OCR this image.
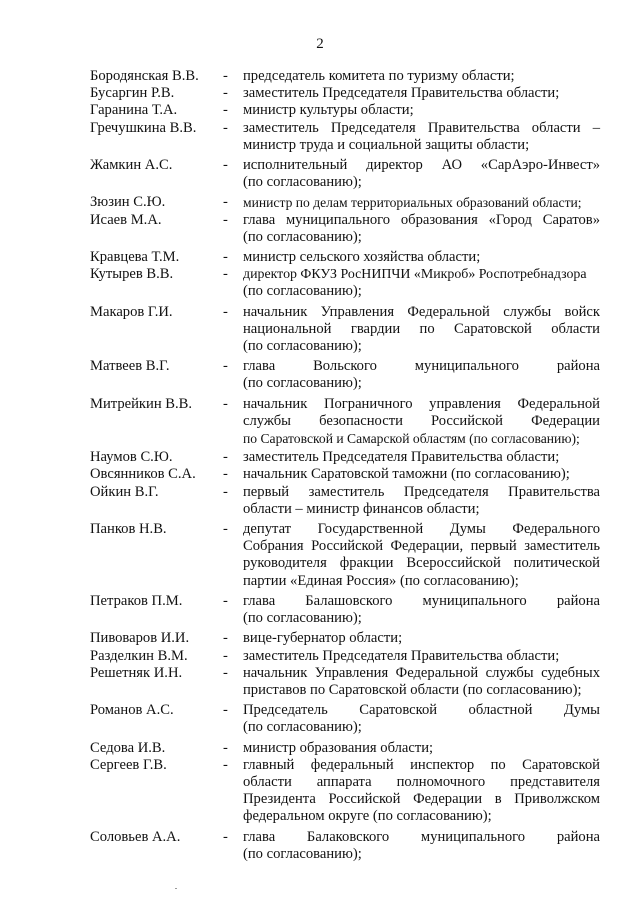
2
Бородянская В.В.	-	председатель комитета по туризму области;
Бусаргин Р.В.	-	заместитель Председателя Правительства области;
Гаранина Т.А.	-	министр культуры области;
Гречушкина В.В.	-	заместитель Председателя Правительства области –
министр труда и социальной защиты области;
Жамкин А.С.	-	исполнительный директор АО «СарАэро-Инвест»
(по согласованию);
Зюзин С.Ю.	-	министр по делам территориальных образований области;
Исаев М.А.	-	глава муниципального образования «Город Саратов»
(по согласованию);
Кравцева Т.М.	-	министр сельского хозяйства области;
Кутырев В.В.	-	директор ФКУЗ РосНИПЧИ «Микроб» Роспотребнадзора
(по согласованию);
Макаров Г.И.	-	начальник Управления Федеральной службы войск
национальной гвардии по Саратовской области
(по согласованию);
Матвеев В.Г.	-	глава Вольского муниципального района
(по согласованию);
Митрейкин В.В.	-	начальник Пограничного управления Федеральной
службы безопасности Российской Федерации
по Саратовской и Самарской областям (по согласованию);
Наумов С.Ю.	-	заместитель Председателя Правительства области;
Овсянников С.А.	-	начальник Саратовской таможни (по согласованию);
Ойкин В.Г.	-	первый заместитель Председателя Правительства
области – министр финансов области;
Панков Н.В.	-	депутат Государственной Думы Федерального
Собрания Российской Федерации, первый заместитель
руководителя фракции Всероссийской политической
партии «Единая Россия» (по согласованию);
Петраков П.М.	-	глава Балашовского муниципального района
(по согласованию);
Пивоваров И.И.	-	вице-губернатор области;
Разделкин В.М.	-	заместитель Председателя Правительства области;
Решетняк И.Н.	-	начальник Управления Федеральной службы судебных
приставов по Саратовской области (по согласованию);
Романов А.С.	-	Председатель Саратовской областной Думы
(по согласованию);
Седова И.В.	-	министр образования области;
Сергеев Г.В.	-	главный федеральный инспектор по Саратовской
области аппарата полномочного представителя
Президента Российской Федерации в Приволжском
федеральном округе (по согласованию);
Соловьев А.А.	-	глава Балаковского муниципального района
(по согласованию);
